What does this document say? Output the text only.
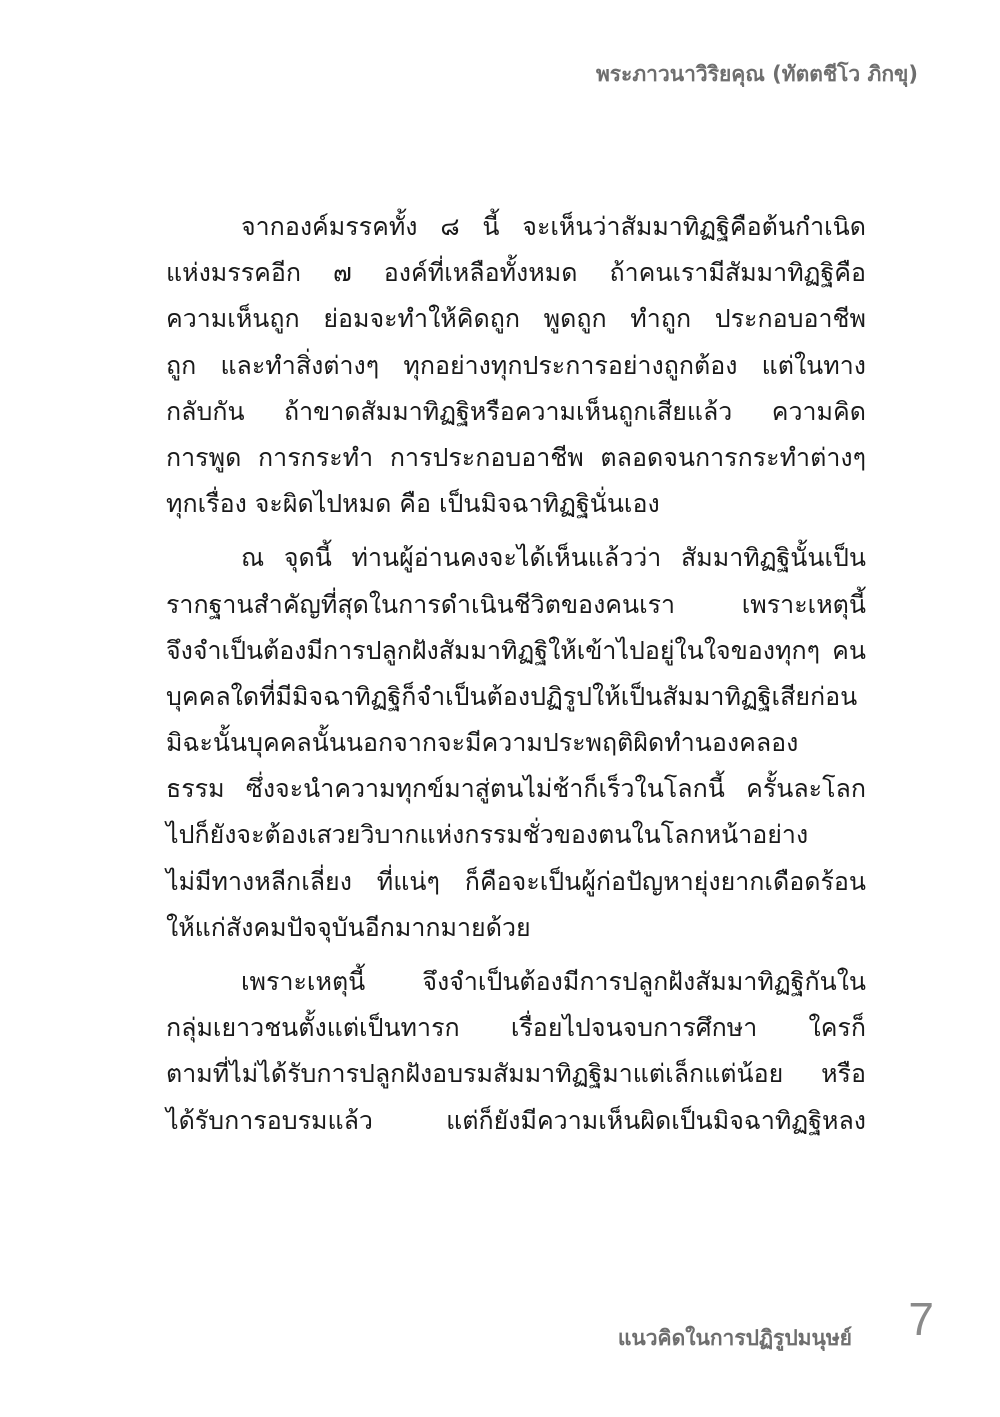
พระภาวนาวิริยคุณ (ทัตตชีโว ภิกขุ)
จากองค์มรรคทั้ง ๘ นี้ จะเห็นว่าสัมมาทิฏฐิคือต้นกำเนิด
แห่งมรรคอีก ๗ องค์ที่เหลือทั้งหมด ถ้าคนเรามีสัมมาทิฏฐิคือ
ความเห็นถูก ย่อมจะทำให้คิดถูก พูดถูก ทำถูก ประกอบอาชีพ
ถูก และทำสิ่งต่างๆ ทุกอย่างทุกประการอย่างถูกต้อง แต่ในทาง
กลับกัน ถ้าขาดสัมมาทิฏฐิหรือความเห็นถูกเสียแล้ว ความคิด
การพูด การกระทำ การประกอบอาชีพ ตลอดจนการกระทำต่างๆ
ทุกเรื่อง จะผิดไปหมด คือ เป็นมิจฉาทิฏฐินั่นเอง
ณ จุดนี้ ท่านผู้อ่านคงจะได้เห็นแล้วว่า สัมมาทิฏฐินั้นเป็น
รากฐานสำคัญที่สุดในการดำเนินชีวิตของคนเรา เพราะเหตุนี้
จึงจำเป็นต้องมีการปลูกฝังสัมมาทิฏฐิให้เข้าไปอยู่ในใจของทุกๆ คน
บุคคลใดที่มีมิจฉาทิฏฐิก็จำเป็นต้องปฏิรูปให้เป็นสัมมาทิฏฐิเสียก่อน
มิฉะนั้นบุคคลนั้นนอกจากจะมีความประพฤติผิดทำนองคลอง
ธรรม ซึ่งจะนำความทุกข์มาสู่ตนไม่ช้าก็เร็วในโลกนี้ ครั้นละโลก
ไปก็ยังจะต้องเสวยวิบากแห่งกรรมชั่วของตนในโลกหน้าอย่าง
ไม่มีทางหลีกเลี่ยง ที่แน่ๆ ก็คือจะเป็นผู้ก่อปัญหายุ่งยากเดือดร้อน
ให้แก่สังคมปัจจุบันอีกมากมายด้วย
เพราะเหตุนี้ จึงจำเป็นต้องมีการปลูกฝังสัมมาทิฏฐิกันใน
กลุ่มเยาวชนตั้งแต่เป็นทารก เรื่อยไปจนจบการศึกษา ใครก็
ตามที่ไม่ได้รับการปลูกฝังอบรมสัมมาทิฏฐิมาแต่เล็กแต่น้อย หรือ
ได้รับการอบรมแล้ว แต่ก็ยังมีความเห็นผิดเป็นมิจฉาทิฏฐิหลง
แนวคิดในการปฏิรูปมนุษย์ 7
